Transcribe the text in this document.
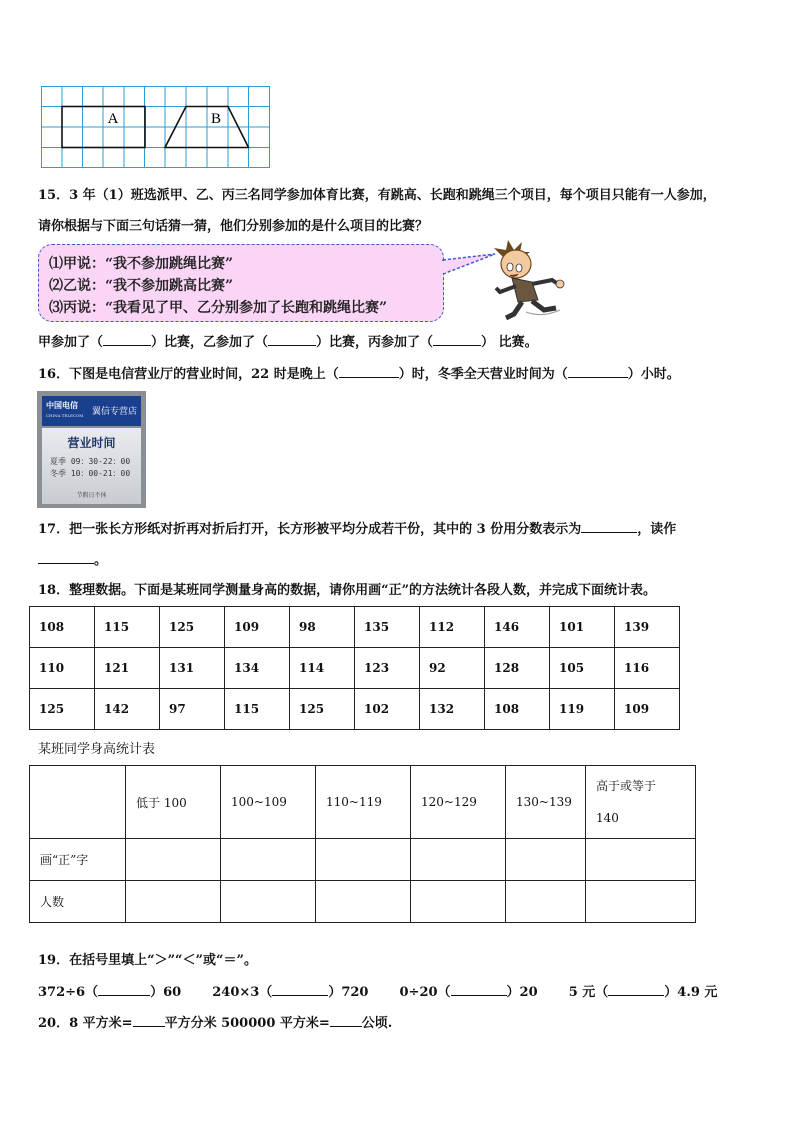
A	B
15．3 年（1）班选派甲、乙、丙三名同学参加体育比赛，有跳高、长跑和跳绳三个项目，每个项目只能有一人参加，
请你根据与下面三句话猜一猜，他们分别参加的是什么项目的比赛？
⑴甲说：“我不参加跳绳比赛”
⑵乙说：“我不参加跳高比赛”
⑶丙说：“我看见了甲、乙分别参加了长跑和跳绳比赛”
甲参加了（	）比赛，乙参加了（	）比赛，丙参加了（	） 比赛。
16．下图是电信营业厅的营业时间，22 时是晚上（	）时，冬季全天营业时间为（	）小时。
中国电信
CHINA TELECOM 翼信专营店
营业时间
夏季 09：30-22：00
冬季 10：00-21：00
节假日不休
17．把一张长方形纸对折再对折后打开，长方形被平均分成若干份，其中的 3 份用分数表示为	，读作
。
18．整理数据。下面是某班同学测量身高的数据，请你用画“正”的方法统计各段人数，并完成下面统计表。
108	115	125	109	98	135	112	146	101	139
110	121	131	134	114	123	92	128	105	116
125	142	97	115	125	102	132	108	119	109
某班同学身高统计表
	低于 100	100~109	110~119	120~129	130~139	高于或等于
140
画“正”字						
人数						
19．在括号里填上“＞”“＜”或“＝”。
372÷6（	）60 240×3（	）720 0÷20（	）20 5 元（	）4.9 元
20．8 平方米= 平方分米 500000 平方米= 公顷.
